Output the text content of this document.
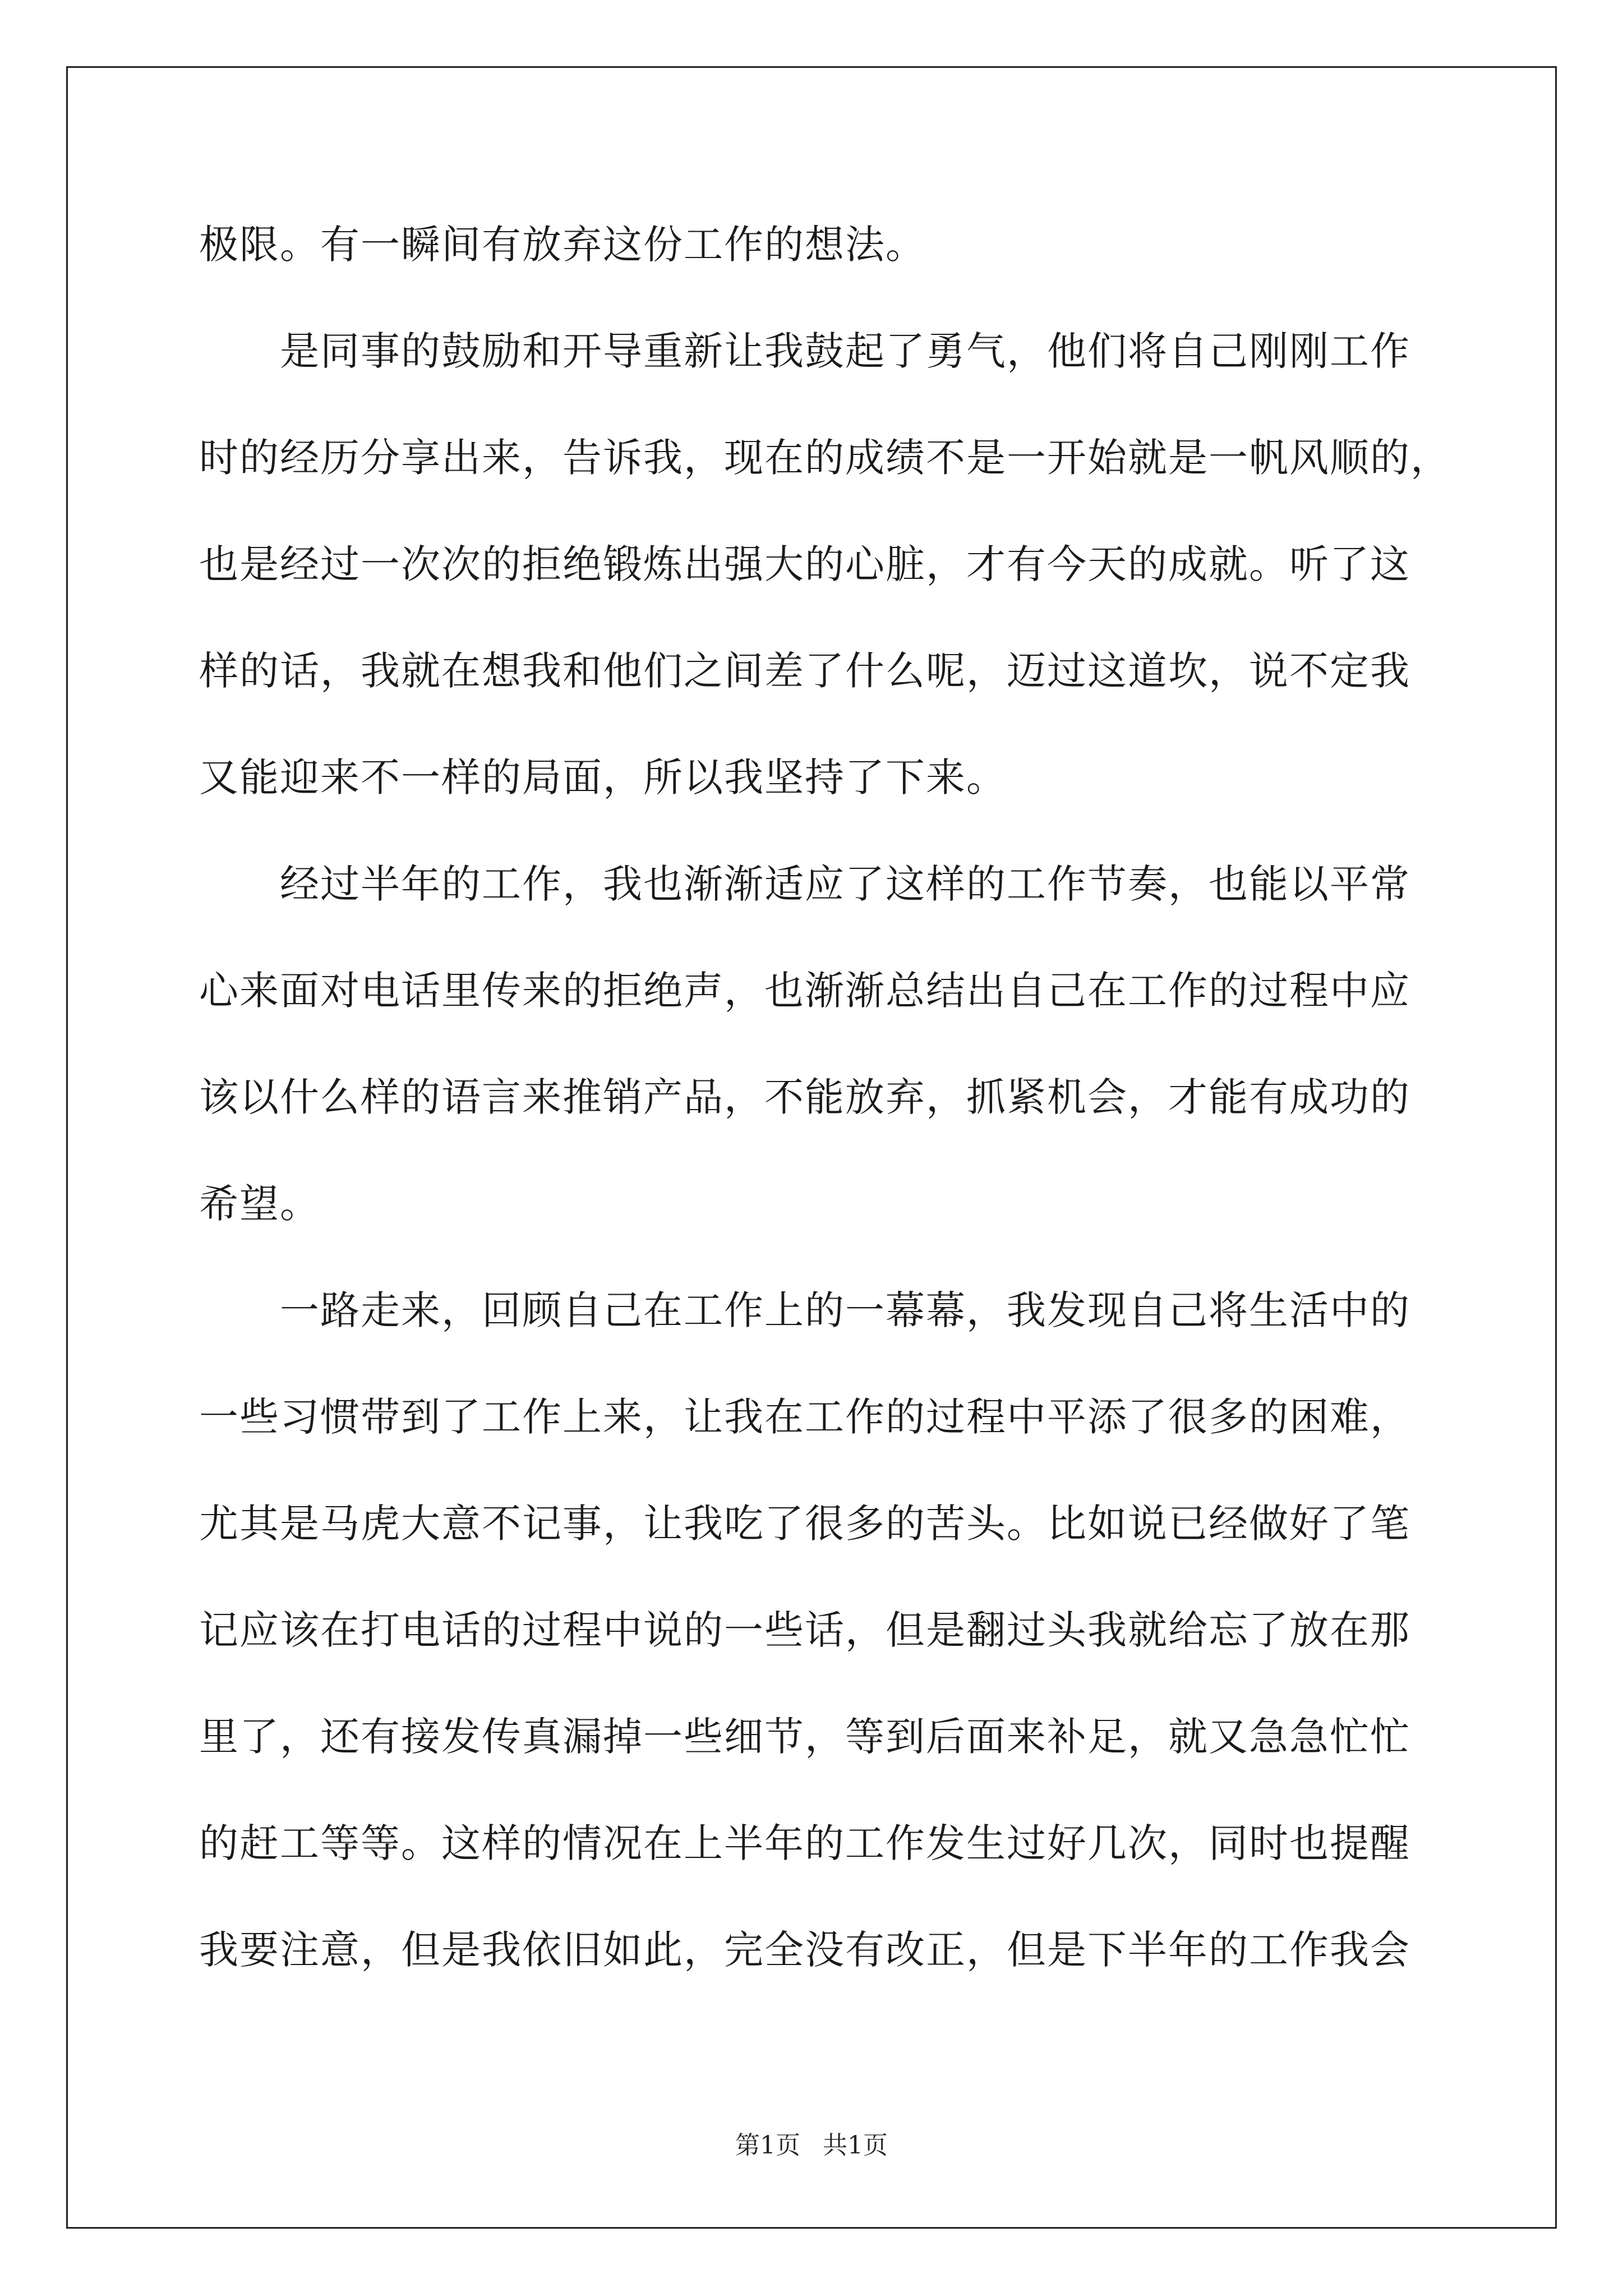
极限。有一瞬间有放弃这份工作的想法。
　　是同事的鼓励和开导重新让我鼓起了勇气，他们将自己刚刚工作
时的经历分享出来，告诉我，现在的成绩不是一开始就是一帆风顺的，
也是经过一次次的拒绝锻炼出强大的心脏，才有今天的成就。听了这
样的话，我就在想我和他们之间差了什么呢，迈过这道坎，说不定我
又能迎来不一样的局面，所以我坚持了下来。
　　经过半年的工作，我也渐渐适应了这样的工作节奏，也能以平常
心来面对电话里传来的拒绝声，也渐渐总结出自己在工作的过程中应
该以什么样的语言来推销产品，不能放弃，抓紧机会，才能有成功的
希望。
　　一路走来，回顾自己在工作上的一幕幕，我发现自己将生活中的
一些习惯带到了工作上来，让我在工作的过程中平添了很多的困难，
尤其是马虎大意不记事，让我吃了很多的苦头。比如说已经做好了笔
记应该在打电话的过程中说的一些话，但是翻过头我就给忘了放在那
里了，还有接发传真漏掉一些细节，等到后面来补足，就又急急忙忙
的赶工等等。这样的情况在上半年的工作发生过好几次，同时也提醒
我要注意，但是我依旧如此，完全没有改正，但是下半年的工作我会
第1页 共1页
